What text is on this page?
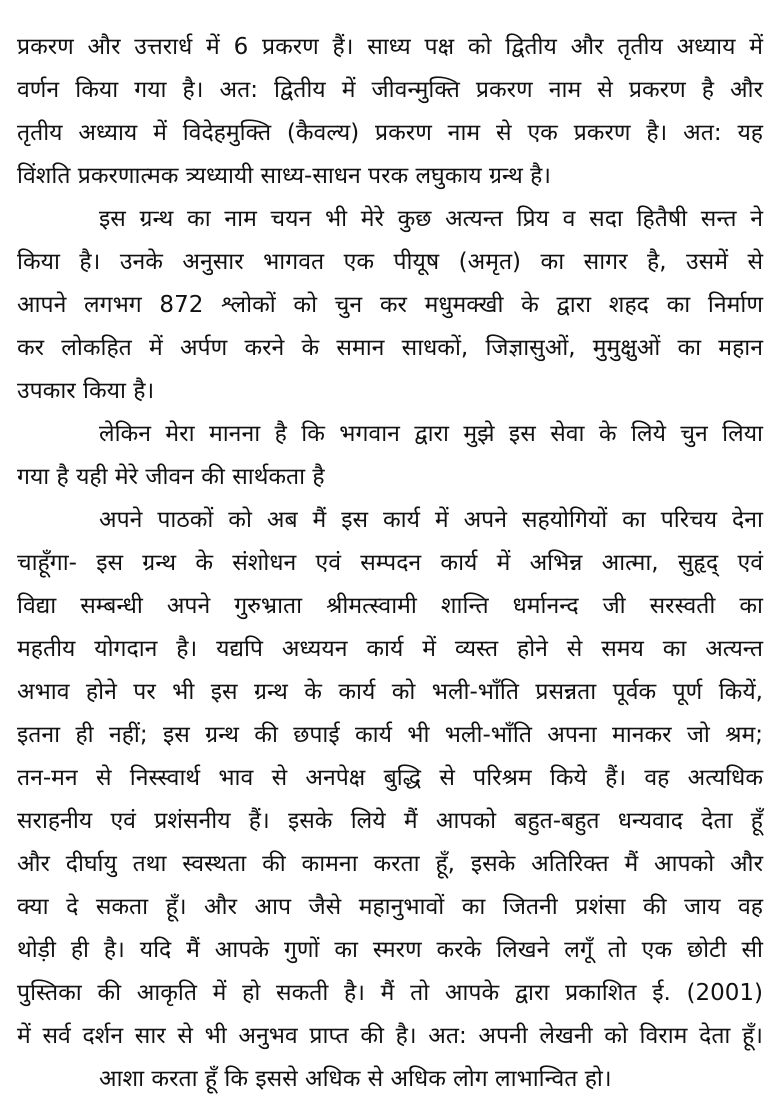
प्रकरण और उत्तरार्ध में 6 प्रकरण हैं। साध्य पक्ष को द्वितीय और तृतीय अध्याय में
वर्णन किया गया है। अत: द्वितीय में जीवन्मुक्ति प्रकरण नाम से प्रकरण है और
तृतीय अध्याय में विदेहमुक्ति (कैवल्य) प्रकरण नाम से एक प्रकरण है। अत: यह
विंशति प्रकरणात्मक त्र्यध्यायी साध्य-साधन परक लघुकाय ग्रन्थ है।
इस ग्रन्थ का नाम चयन भी मेरे कुछ अत्यन्त प्रिय व सदा हितैषी सन्त ने
किया है। उनके अनुसार भागवत एक पीयूष (अमृत) का सागर है, उसमें से
आपने लगभग 872 श्लोकों को चुन कर मधुमक्खी के द्वारा शहद का निर्माण
कर लोकहित में अर्पण करने के समान साधकों, जिज्ञासुओं, मुमुक्षुओं का महान
उपकार किया है।
लेकिन मेरा मानना है कि भगवान द्वारा मुझे इस सेवा के लिये चुन लिया
गया है यही मेरे जीवन की सार्थकता है
अपने पाठकों को अब मैं इस कार्य में अपने सहयोगियों का परिचय देना
चाहूँगा- इस ग्रन्थ के संशोधन एवं सम्पदन कार्य में अभिन्न आत्मा, सुहृद् एवं
विद्या सम्बन्धी अपने गुरुभ्राता श्रीमत्स्वामी शान्ति धर्मानन्द जी सरस्वती का
महतीय योगदान है। यद्यपि अध्ययन कार्य में व्यस्त होने से समय का अत्यन्त
अभाव होने पर भी इस ग्रन्थ के कार्य को भली-भाँति प्रसन्नता पूर्वक पूर्ण कियें,
इतना ही नहीं; इस ग्रन्थ की छपाई कार्य भी भली-भाँति अपना मानकर जो श्रम;
तन-मन से निस्स्वार्थ भाव से अनपेक्ष बुद्धि से परिश्रम किये हैं। वह अत्यधिक
सराहनीय एवं प्रशंसनीय हैं। इसके लिये मैं आपको बहुत-बहुत धन्यवाद देता हूँ
और दीर्घायु तथा स्वस्थता की कामना करता हूँ, इसके अतिरिक्त मैं आपको और
क्या दे सकता हूँ। और आप जैसे महानुभावों का जितनी प्रशंसा की जाय वह
थोड़ी ही है। यदि मैं आपके गुणों का स्मरण करके लिखने लगूँ तो एक छोटी सी
पुस्तिका की आकृति में हो सकती है। मैं तो आपके द्वारा प्रकाशित ई. (2001)
में सर्व दर्शन सार से भी अनुभव प्राप्त की है। अत: अपनी लेखनी को विराम देता हूँ।
आशा करता हूँ कि इससे अधिक से अधिक लोग लाभान्वित हो।
